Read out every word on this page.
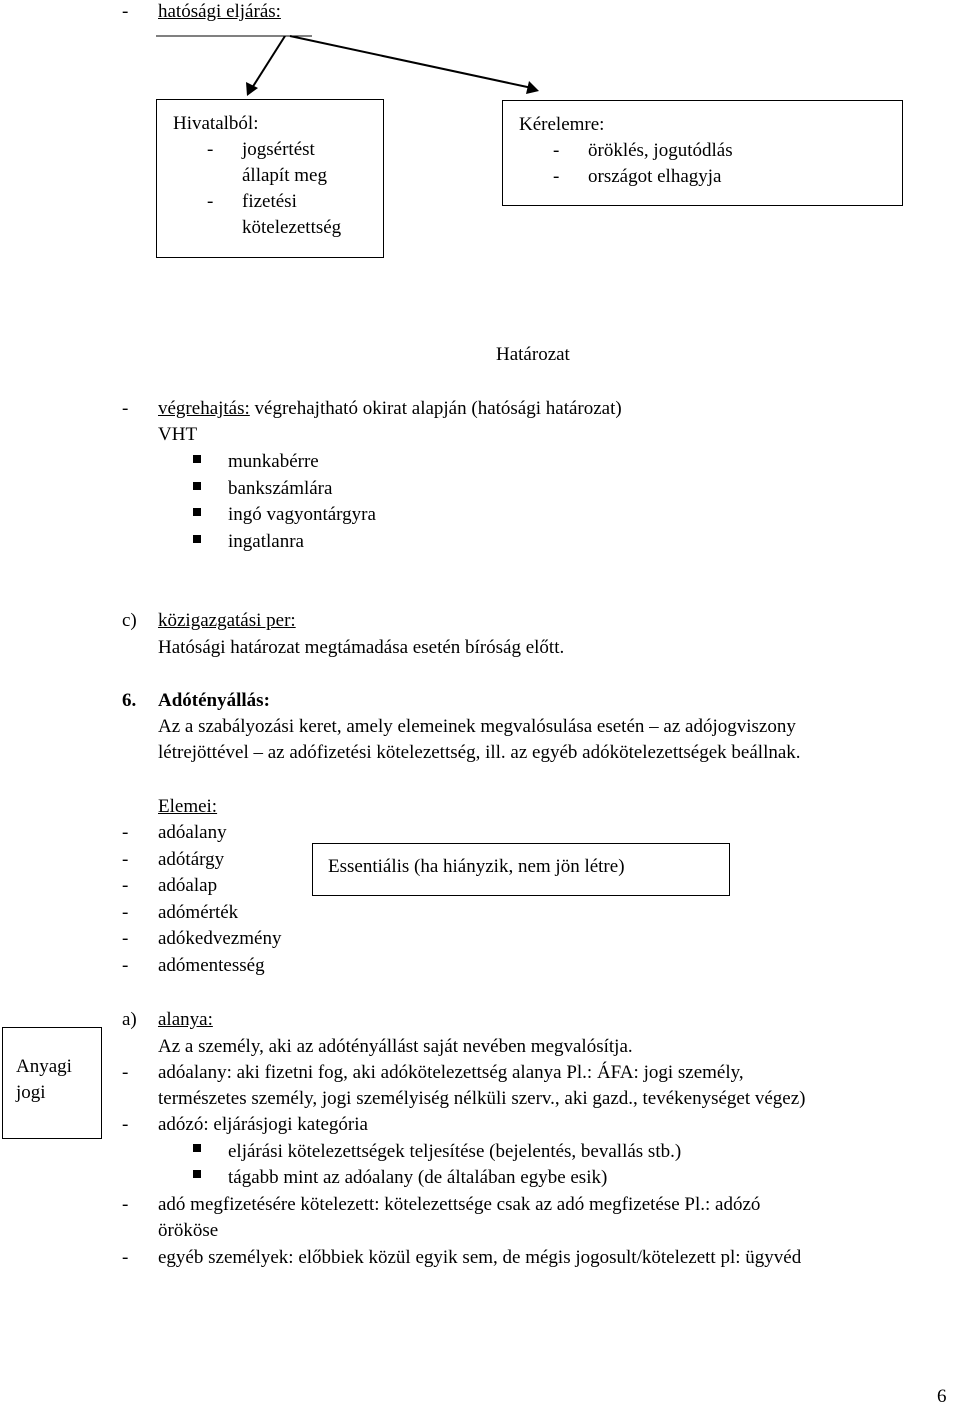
- hatósági eljárás:
Hivatalból:
- jogsértést
állapít meg
- fizetési
kötelezettség
Kérelemre:
- öröklés, jogutódlás
- országot elhagyja
Határozat
- végrehajtás: végrehajtható okirat alapján (hatósági határozat)
VHT
munkabérre
bankszámlára
ingó vagyontárgyra
ingatlanra
c) közigazgatási per:
Hatósági határozat megtámadása esetén bíróság előtt.
6. Adótényállás:
Az a szabályozási keret, amely elemeinek megvalósulása esetén – az adójogviszony
létrejöttével – az adófizetési kötelezettség, ill. az egyéb adókötelezettségek beállnak.
Elemei:
- adóalany
- adótárgy
- adóalap
- adómérték
- adókedvezmény
- adómentesség
Essentiális (ha hiányzik, nem jön létre)
Anyagi
jogi
a) alanya:
Az a személy, aki az adótényállást saját nevében megvalósítja.
- adóalany: aki fizetni fog, aki adókötelezettség alanya Pl.: ÁFA: jogi személy,
természetes személy, jogi személyiség nélküli szerv., aki gazd., tevékenységet végez)
- adózó: eljárásjogi kategória
eljárási kötelezettségek teljesítése (bejelentés, bevallás stb.)
tágabb mint az adóalany (de általában egybe esik)
- adó megfizetésére kötelezett: kötelezettsége csak az adó megfizetése Pl.: adózó
örököse
- egyéb személyek: előbbiek közül egyik sem, de mégis jogosult/kötelezett pl: ügyvéd
6
